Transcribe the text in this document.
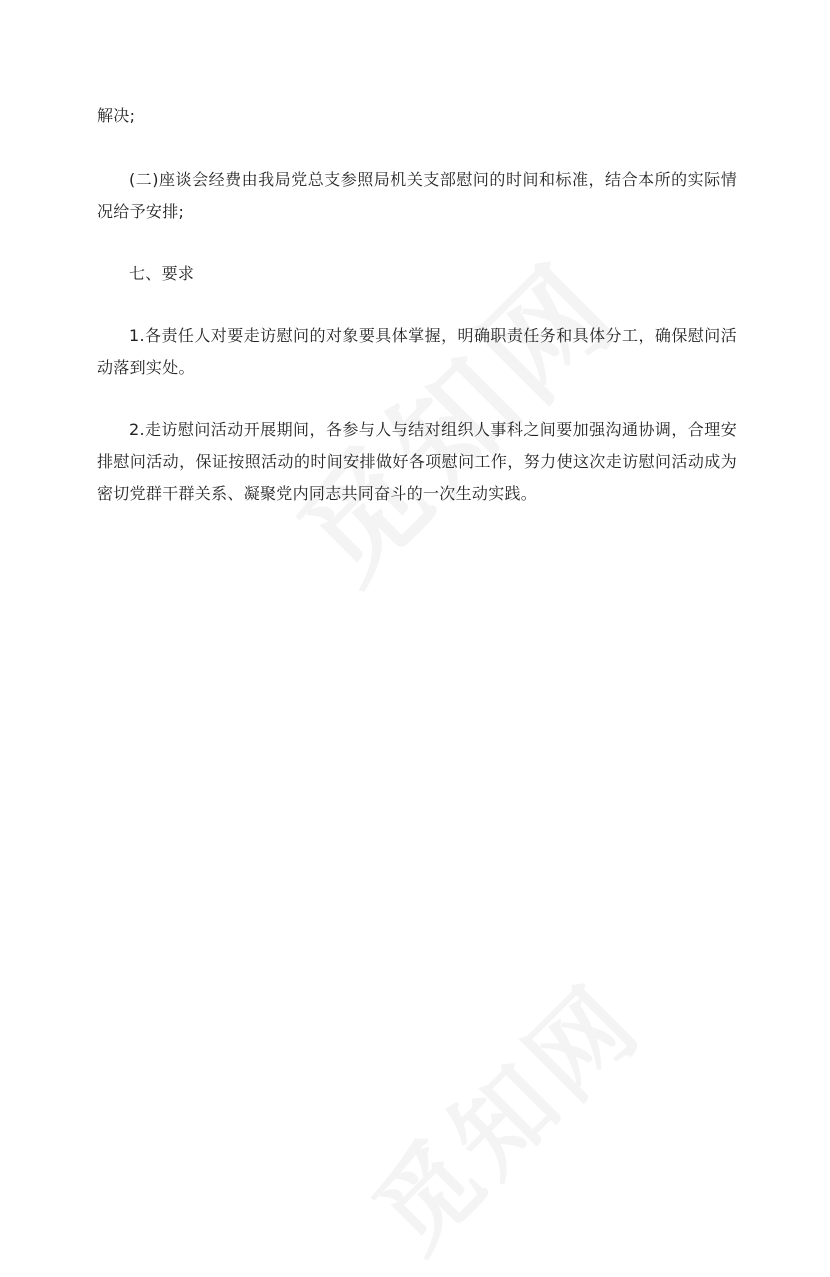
解决;
(二)座谈会经费由我局党总支参照局机关支部慰问的时间和标准，结合本所的实际情况给予安排;
七、要求
1.各责任人对要走访慰问的对象要具体掌握，明确职责任务和具体分工，确保慰问活动落到实处。
2.走访慰问活动开展期间，各参与人与结对组织人事科之间要加强沟通协调，合理安排慰问活动，保证按照活动的时间安排做好各项慰问工作，努力使这次走访慰问活动成为密切党群干群关系、凝聚党内同志共同奋斗的一次生动实践。
